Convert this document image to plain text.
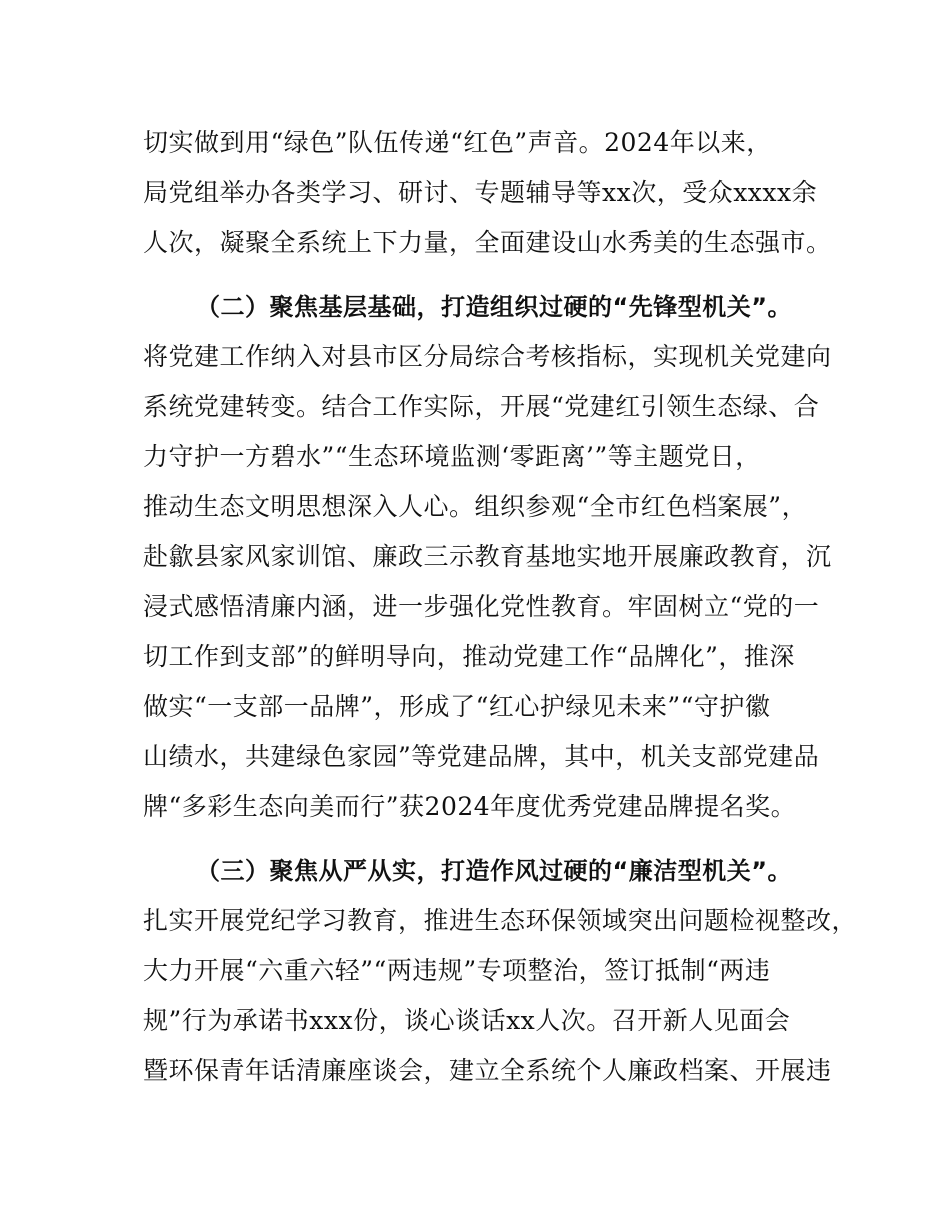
切实做到用“绿色”队伍传递“红色”声音。2024年以来，
局党组举办各类学习、研讨、专题辅导等xx次，受众xxxx余
人次，凝聚全系统上下力量，全面建设山水秀美的生态强市。
（二）聚焦基层基础，打造组织过硬的“先锋型机关”。
将党建工作纳入对县市区分局综合考核指标，实现机关党建向
系统党建转变。结合工作实际，开展“党建红引领生态绿、合
力守护一方碧水”“生态环境监测‘零距离’”等主题党日，
推动生态文明思想深入人心。组织参观“全市红色档案展”，
赴歙县家风家训馆、廉政三示教育基地实地开展廉政教育，沉
浸式感悟清廉内涵，进一步强化党性教育。牢固树立“党的一
切工作到支部”的鲜明导向，推动党建工作“品牌化”，推深
做实“一支部一品牌”，形成了“红心护绿见未来”“守护徽
山绩水，共建绿色家园”等党建品牌，其中，机关支部党建品
牌“多彩生态向美而行”获2024年度优秀党建品牌提名奖。
（三）聚焦从严从实，打造作风过硬的“廉洁型机关”。
扎实开展党纪学习教育，推进生态环保领域突出问题检视整改，
大力开展“六重六轻”“两违规”专项整治，签订抵制“两违
规”行为承诺书xxx份，谈心谈话xx人次。召开新人见面会
暨环保青年话清廉座谈会，建立全系统个人廉政档案、开展违
